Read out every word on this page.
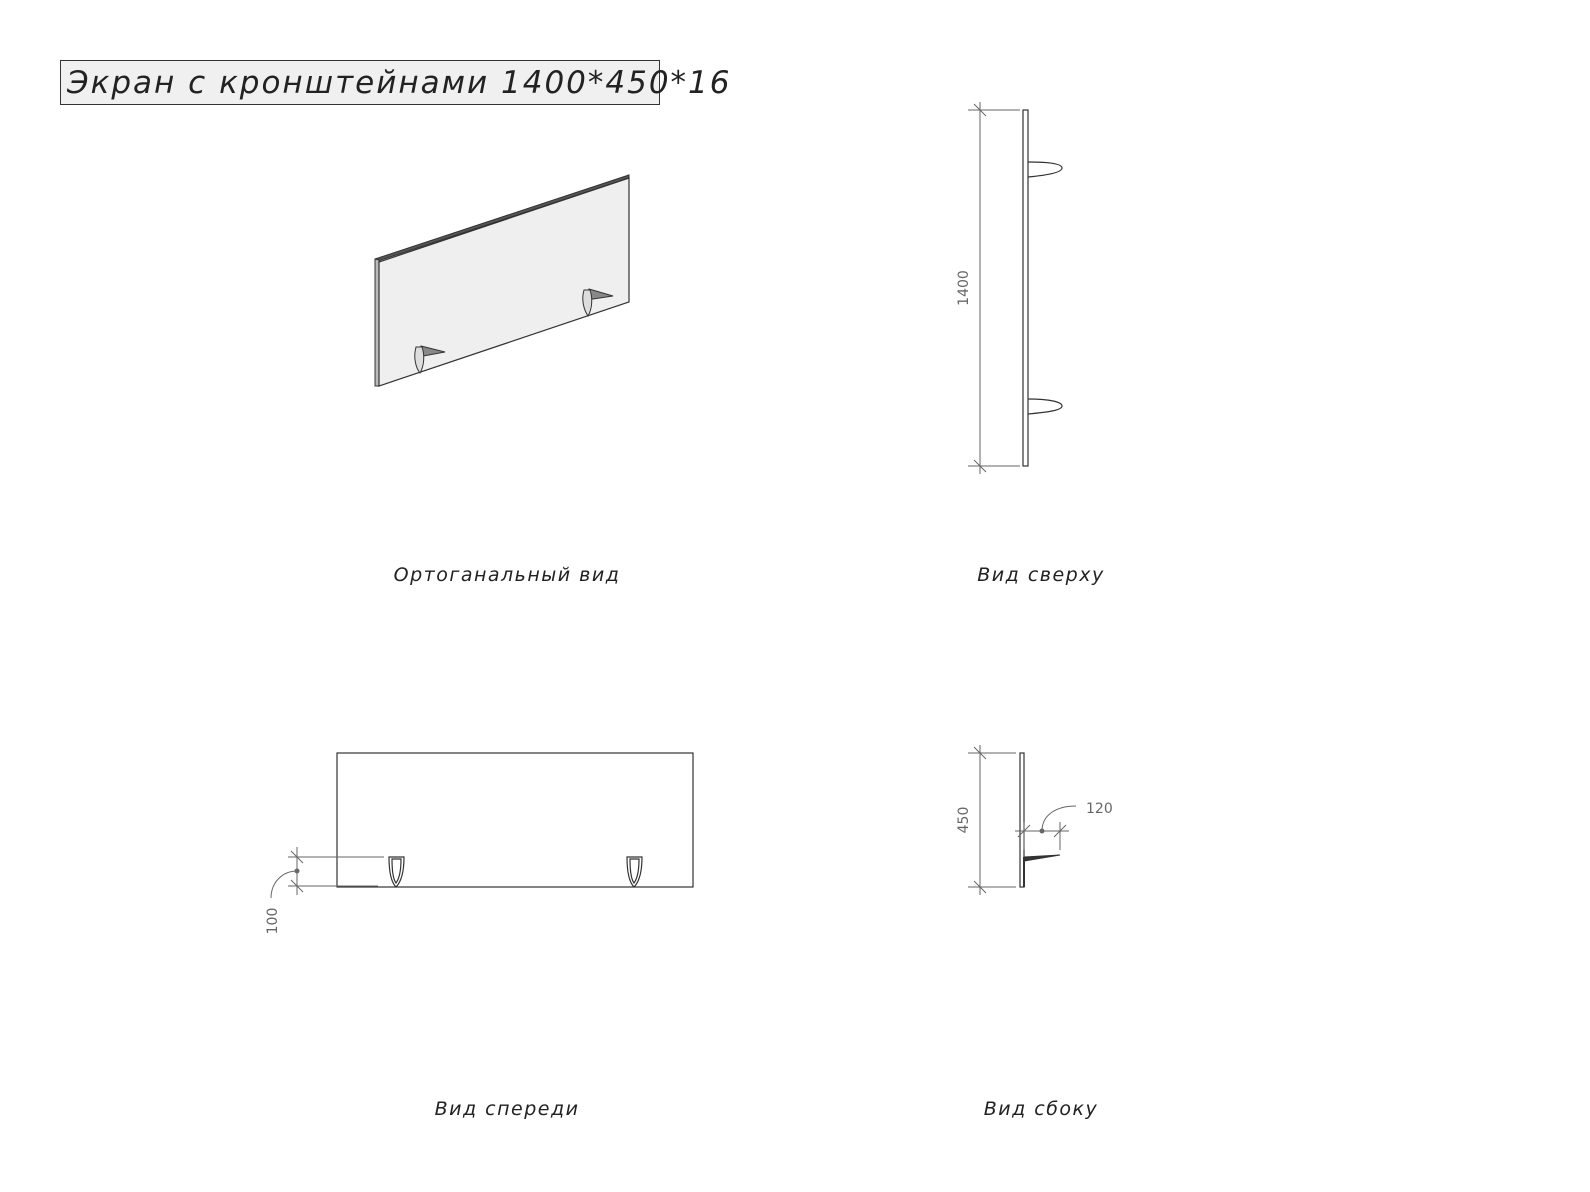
Экран с кронштейнами 1400*450*16
1400
100
450	120
Ортоганальный вид	Вид сверху
Вид спереди	Вид сбоку
